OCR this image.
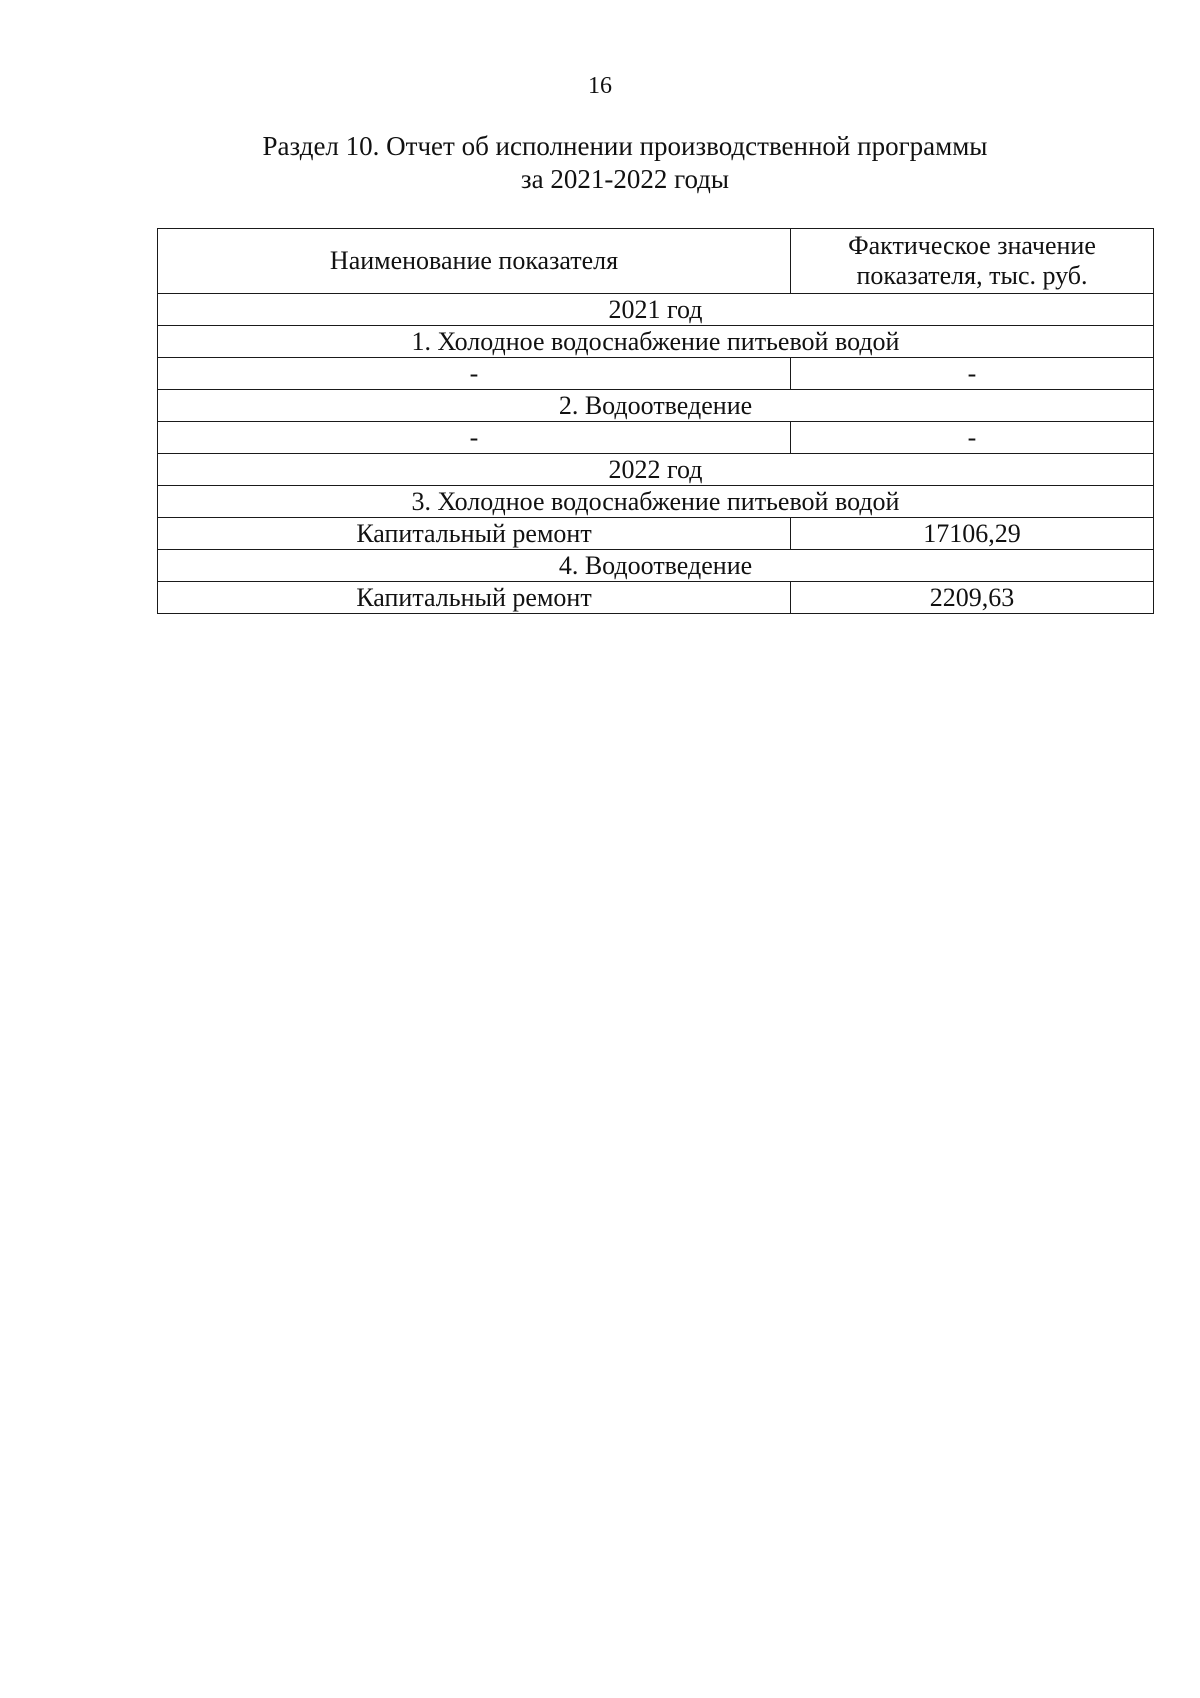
16
Раздел 10. Отчет об исполнении производственной программы
за 2021-2022 годы
Наименование показателя	Фактическое значение показателя, тыс. руб.
2021 год	
1. Холодное водоснабжение питьевой водой	
-	-
2. Водоотведение	
-	-
2022 год	
3. Холодное водоснабжение питьевой водой	
Капитальный ремонт	17106,29
4. Водоотведение	
Капитальный ремонт	2209,63
